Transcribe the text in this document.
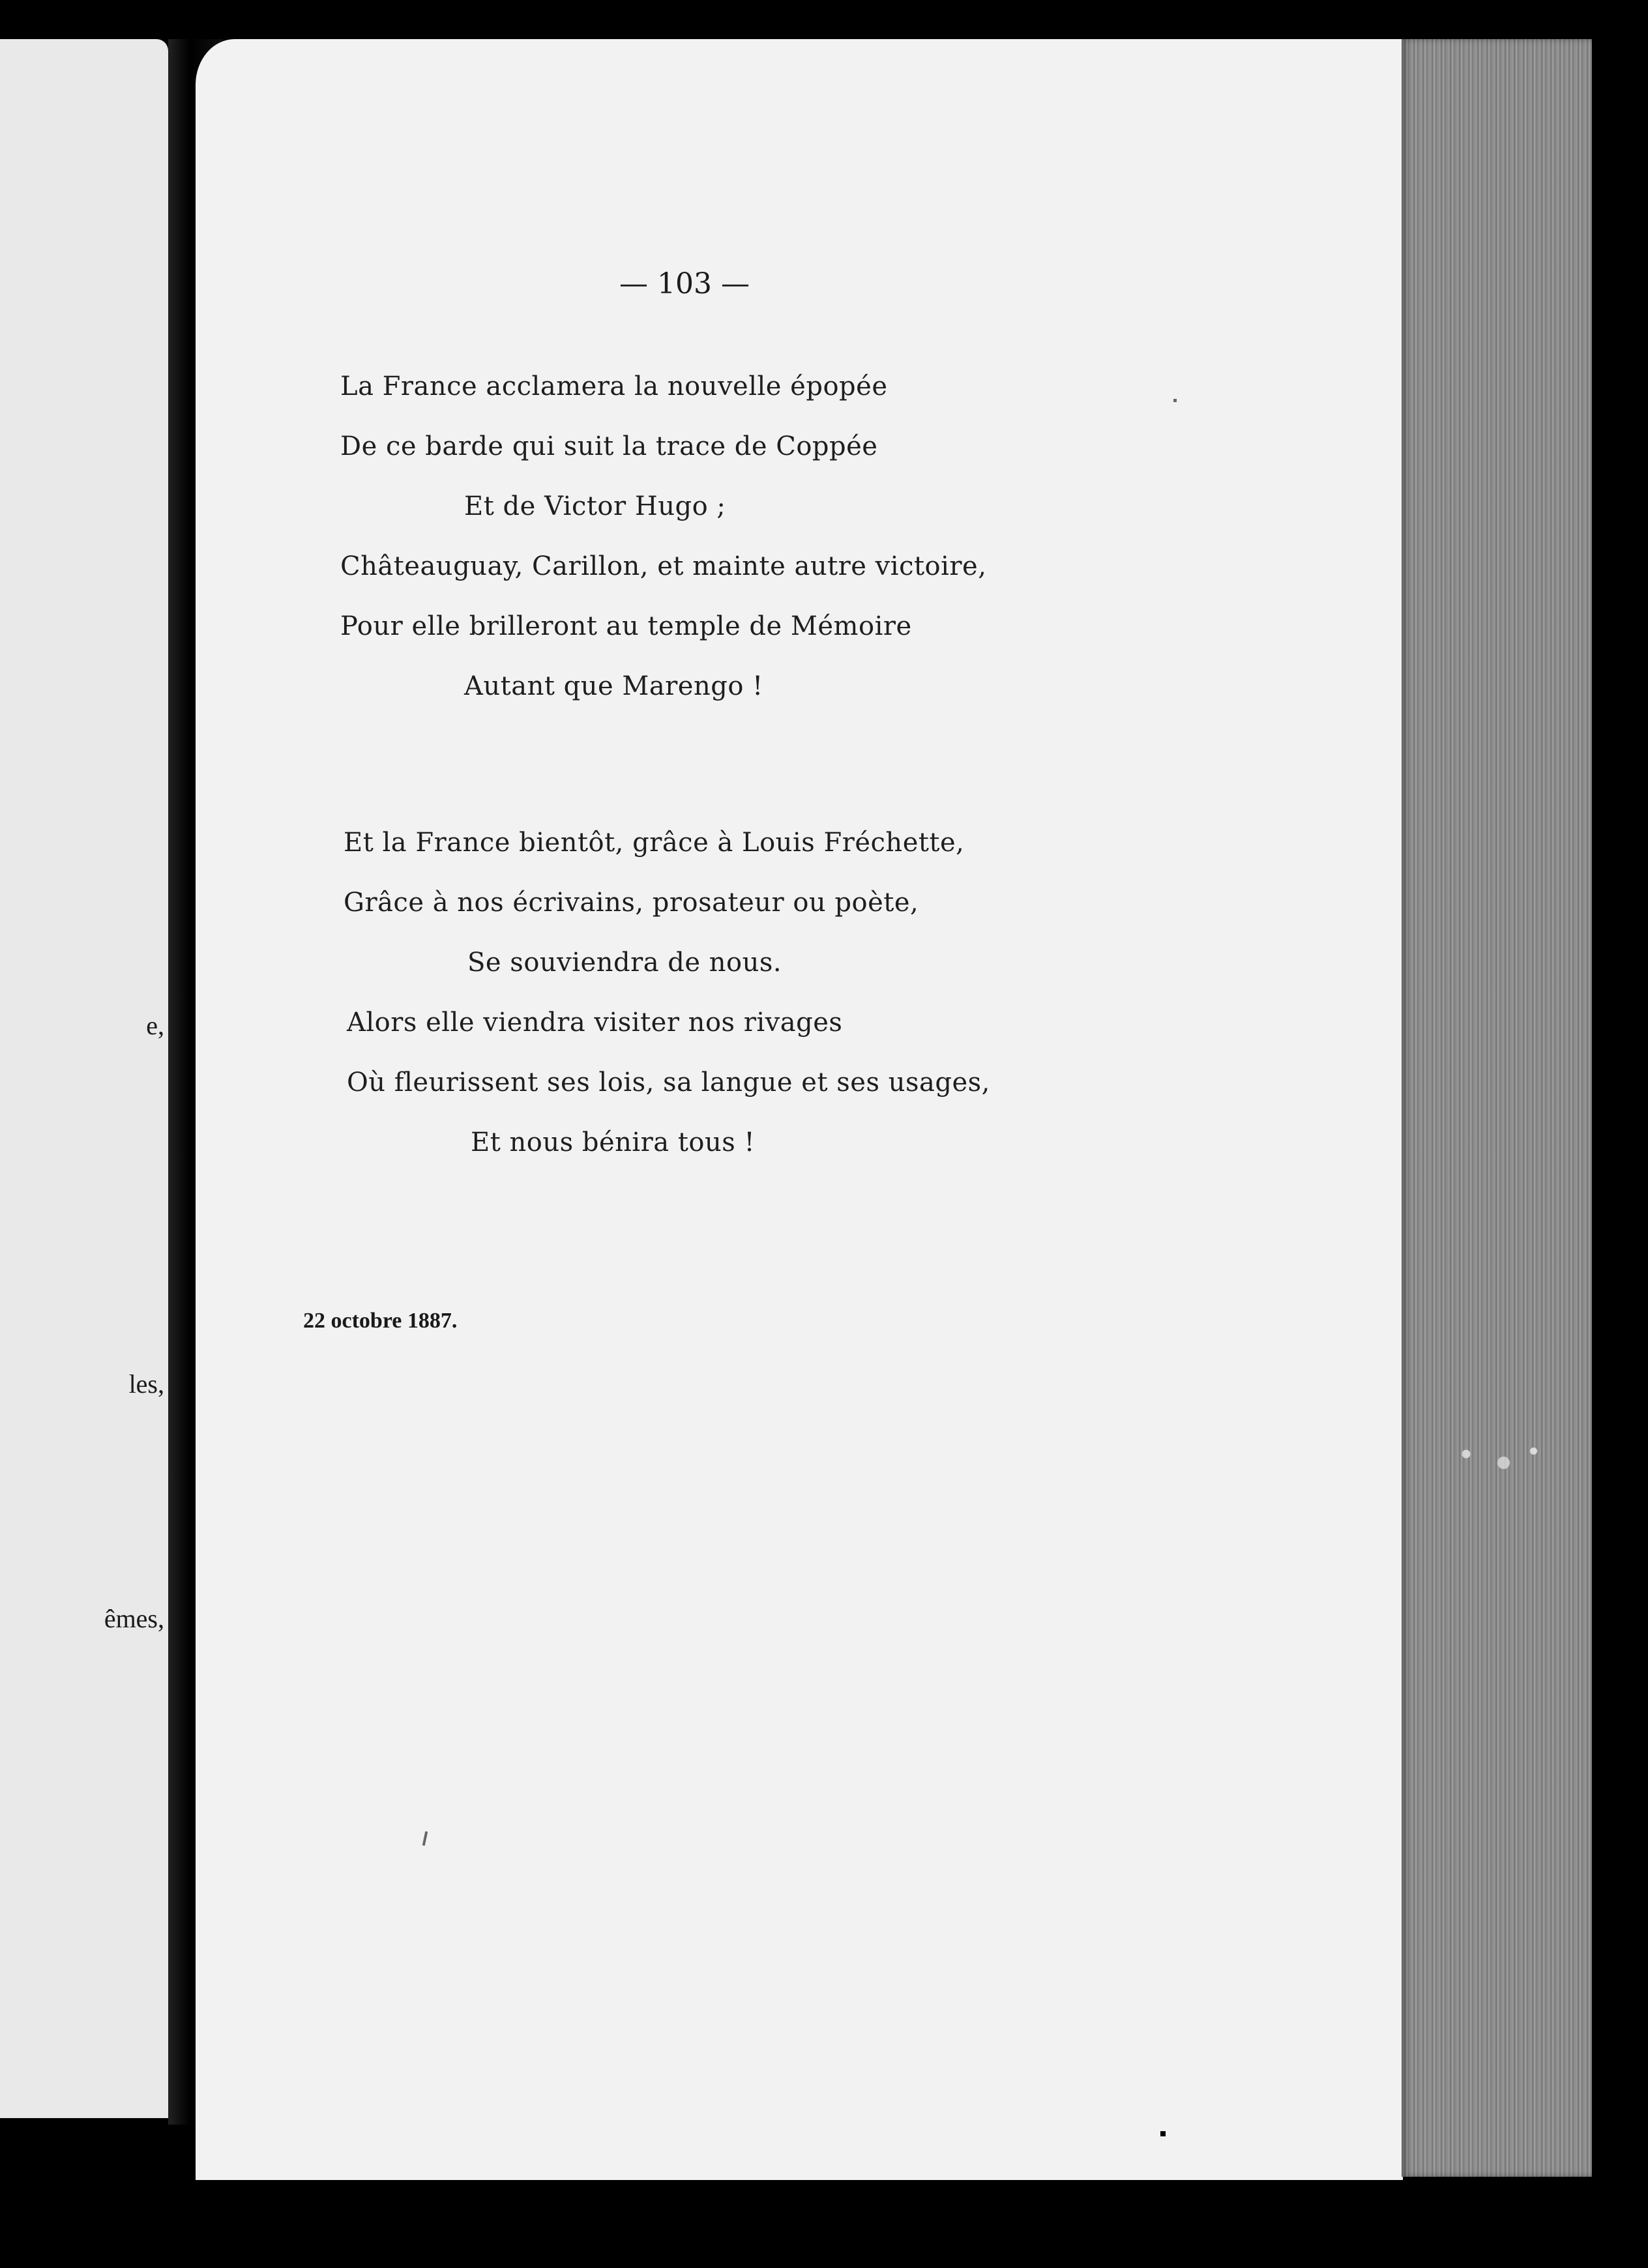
e,
les,
êmes,
— 103 —
La France acclamera la nouvelle épopée
De ce barde qui suit la trace de Coppée
Et de Victor Hugo ;
Châteauguay, Carillon, et mainte autre victoire,
Pour elle brilleront au temple de Mémoire
Autant que Marengo !
Et la France bientôt, grâce à Louis Fréchette,
Grâce à nos écrivains, prosateur ou poète,
Se souviendra de nous.
Alors elle viendra visiter nos rivages
Où fleurissent ses lois, sa langue et ses usages,
Et nous bénira tous !
22 octobre 1887.
